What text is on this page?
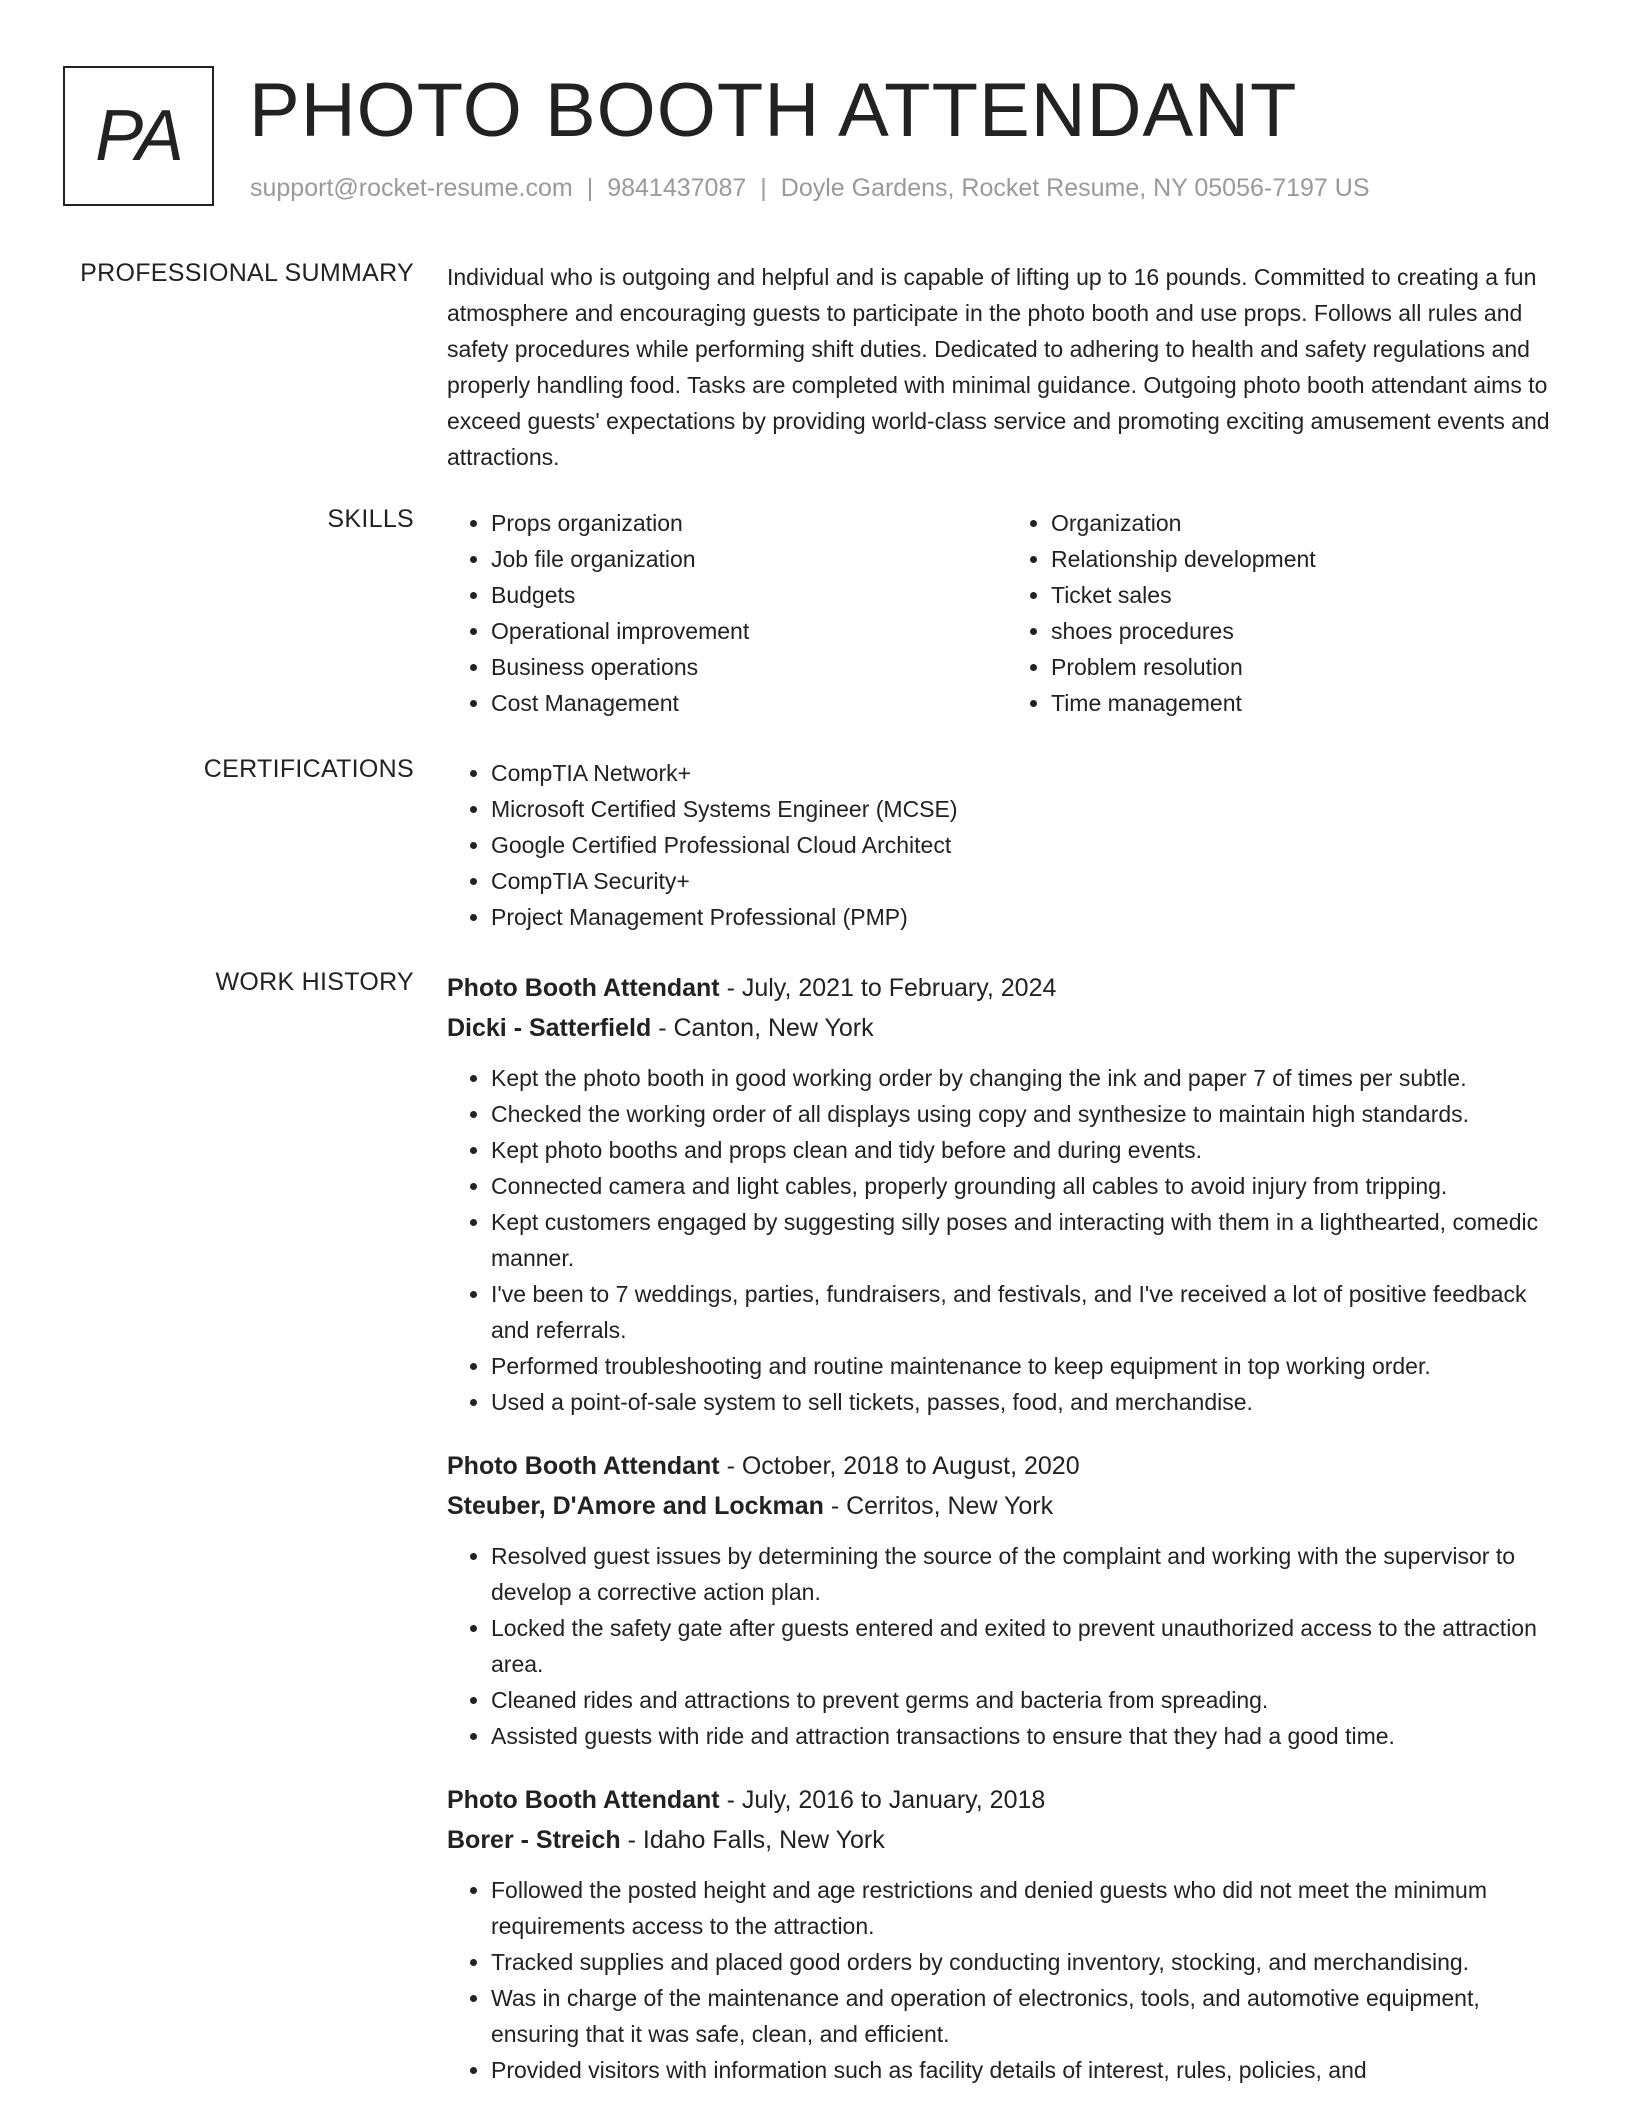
PA PHOTO BOOTH ATTENDANT
support@rocket-resume.com | 9841437087 | Doyle Gardens, Rocket Resume, NY 05056-7197 US
PROFESSIONAL SUMMARY Individual who is outgoing and helpful and is capable of lifting up to 16 pounds. Committed to creating a fun atmosphere and encouraging guests to participate in the photo booth and use props. Follows all rules and safety procedures while performing shift duties. Dedicated to adhering to health and safety regulations and properly handling food. Tasks are completed with minimal guidance. Outgoing photo booth attendant aims to exceed guests' expectations by providing world-class service and promoting exciting amusement events and attractions.

SKILLS	• Props organization
• Job file organization
• Budgets
• Operational improvement
• Business operations
• Cost Management
• Organization
• Relationship development
• Ticket sales
• shoes procedures
• Problem resolution
• Time management
CERTIFICATIONS	• CompTIA Network+
• Microsoft Certified Systems Engineer (MCSE)
• Google Certified Professional Cloud Architect
• CompTIA Security+
• Project Management Professional (PMP)
WORK HISTORY Photo Booth Attendant - July, 2021 to February, 2024
Dicki - Satterfield - Canton, New York
• Kept the photo booth in good working order by changing the ink and paper 7 of times per subtle.
• Checked the working order of all displays using copy and synthesize to maintain high standards.
• Kept photo booths and props clean and tidy before and during events.
• Connected camera and light cables, properly grounding all cables to avoid injury from tripping.
• Kept customers engaged by suggesting silly poses and interacting with them in a lighthearted, comedic manner.
• I've been to 7 weddings, parties, fundraisers, and festivals, and I've received a lot of positive feedback and referrals.
• Performed troubleshooting and routine maintenance to keep equipment in top working order.
• Used a point-of-sale system to sell tickets, passes, food, and merchandise.
Photo Booth Attendant - October, 2018 to August, 2020
Steuber, D'Amore and Lockman - Cerritos, New York
• Resolved guest issues by determining the source of the complaint and working with the supervisor to develop a corrective action plan.
• Locked the safety gate after guests entered and exited to prevent unauthorized access to the attraction area.
• Cleaned rides and attractions to prevent germs and bacteria from spreading.
• Assisted guests with ride and attraction transactions to ensure that they had a good time.
Photo Booth Attendant - July, 2016 to January, 2018
Borer - Streich - Idaho Falls, New York
• Followed the posted height and age restrictions and denied guests who did not meet the minimum requirements access to the attraction.
• Tracked supplies and placed good orders by conducting inventory, stocking, and merchandising.
• Was in charge of the maintenance and operation of electronics, tools, and automotive equipment, ensuring that it was safe, clean, and efficient.
• Provided visitors with information such as facility details of interest, rules, policies, and
